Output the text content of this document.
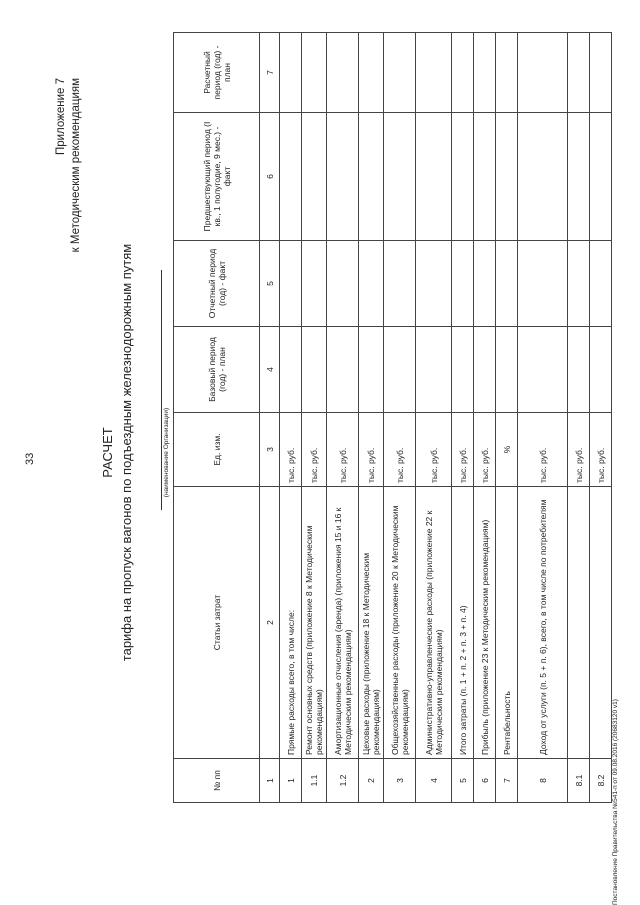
33
Приложение 7 к Методическим рекомендациям
РАСЧЕТ тарифа на пропуск вагонов по подъездным железнодорожным путям	(наименование Организации)
№ пп	Статьи затрат	Ед. изм.	Базовый период (год) - план	Отчетный период (год) - факт	Предшествующий период (I кв., 1 полугодие, 9 мес.) - факт	Расчетный период (год) - план
1	2	3	4	5	6	7
1	Прямые расходы всего, в том числе:	тыс. руб.				
1.1	Ремонт основных средств (приложение 8 к Методическим рекомендациям)	тыс. руб.				
1.2	Амортизационные отчисления (аренда) (приложения 15 и 16 к Методическим рекомендациям)	тыс. руб.				
2	Цеховые расходы (приложение 18 к Методическим рекомендациям)	тыс. руб.				
3	Общехозяйственные расходы (приложение 20 к Методическим рекомендациям)	тыс. руб.				
4	Административно-управленческие расходы (приложение 22 к Методическим рекомендациям)	тыс. руб.				
5	Итого затраты (п. 1 + п. 2 + п. 3 + п. 4)	тыс. руб.				
6	Прибыль (приложение 23 к Методическим рекомендациям)	тыс. руб.				
7	Рентабельность	%				
8	Доход от услуги (п. 5 + п. 6), всего, в том числе по потребителям	тыс. руб.				
8.1		тыс. руб.				
8.2		тыс. руб.				
Постановление Правительства №541-п от 09.08.2016 (20683120 v1)
